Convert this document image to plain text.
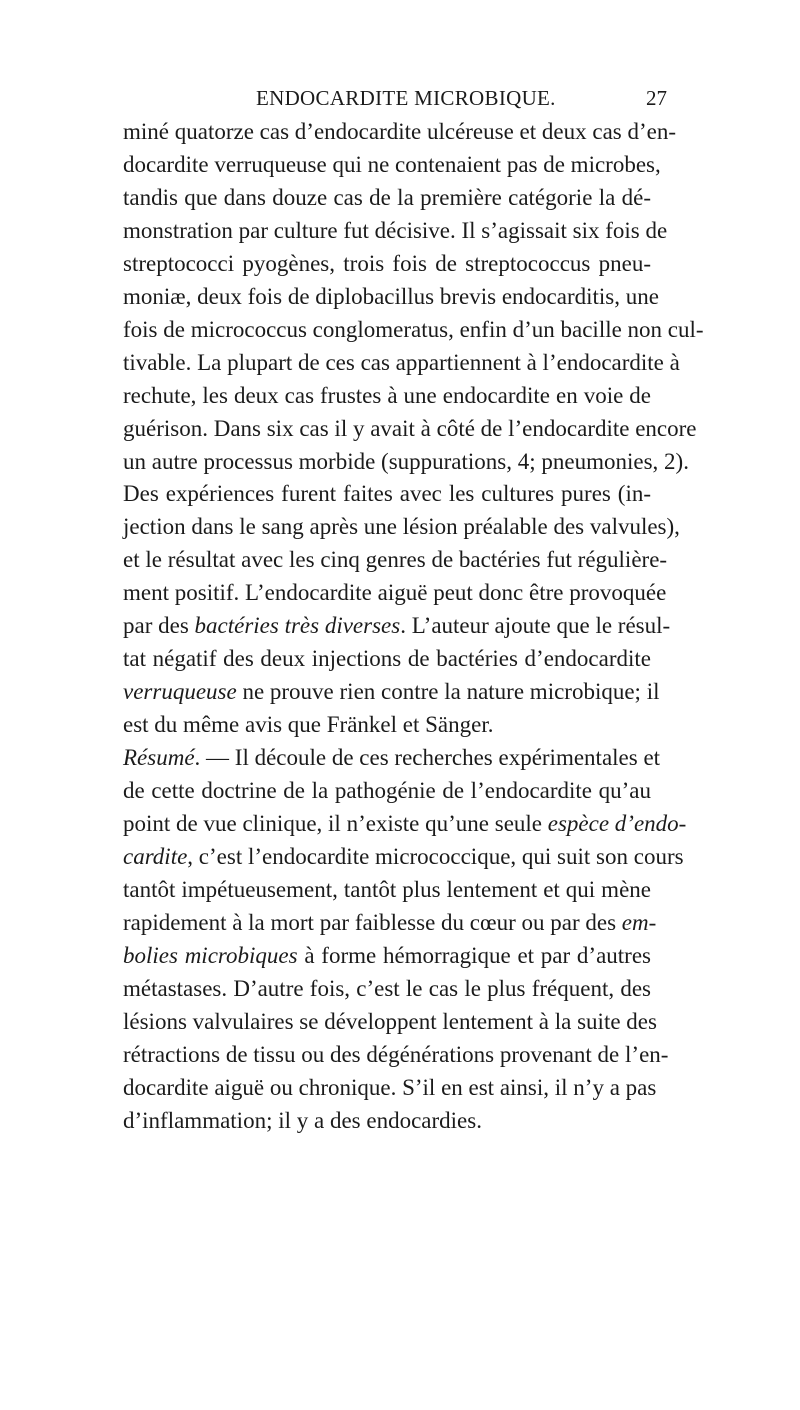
ENDOCARDITE MICROBIQUE.	27
miné quatorze cas d’endocardite ulcéreuse et deux cas d’en-
docardite verruqueuse qui ne contenaient pas de microbes,
tandis que dans douze cas de la première catégorie la dé-
monstration par culture fut décisive. Il s’agissait six fois de
streptococci pyogènes, trois fois de streptococcus pneu-
moniæ, deux fois de diplobacillus brevis endocarditis, une
fois de micrococcus conglomeratus, enfin d’un bacille non cul-
tivable. La plupart de ces cas appartiennent à l’endocardite à
rechute, les deux cas frustes à une endocardite en voie de
guérison. Dans six cas il y avait à côté de l’endocardite encore
un autre processus morbide (suppurations, 4; pneumonies, 2).
Des expériences furent faites avec les cultures pures (in-
jection dans le sang après une lésion préalable des valvules),
et le résultat avec les cinq genres de bactéries fut régulière-
ment positif. L’endocardite aiguë peut donc être provoquée
par des bactéries très diverses. L’auteur ajoute que le résul-
tat négatif des deux injections de bactéries d’endocardite
verruqueuse ne prouve rien contre la nature microbique; il
est du même avis que Fränkel et Sänger.
Résumé. — Il découle de ces recherches expérimentales et
de cette doctrine de la pathogénie de l’endocardite qu’au
point de vue clinique, il n’existe qu’une seule espèce d’endo-
cardite, c’est l’endocardite micrococcique, qui suit son cours
tantôt impétueusement, tantôt plus lentement et qui mène
rapidement à la mort par faiblesse du cœur ou par des em-
bolies microbiques à forme hémorragique et par d’autres
métastases. D’autre fois, c’est le cas le plus fréquent, des
lésions valvulaires se développent lentement à la suite des
rétractions de tissu ou des dégénérations provenant de l’en-
docardite aiguë ou chronique. S’il en est ainsi, il n’y a pas
d’inflammation; il y a des endocardies.
